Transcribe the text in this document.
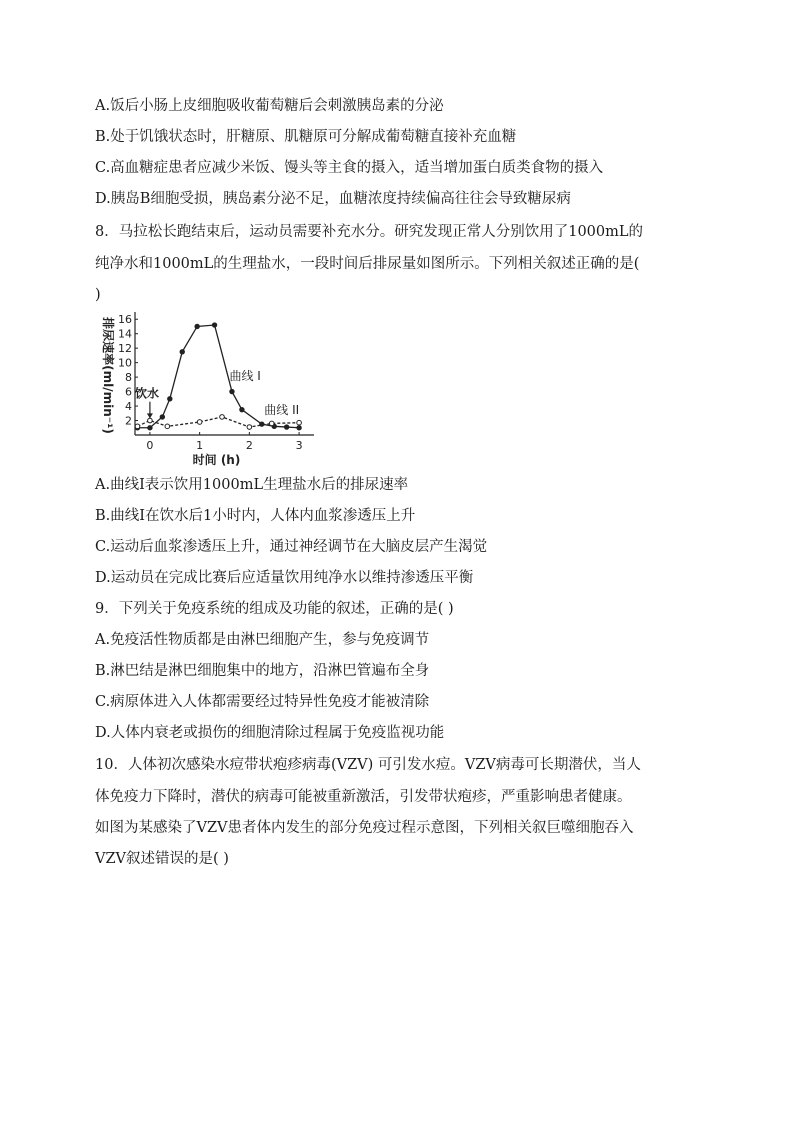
A.饭后小肠上皮细胞吸收葡萄糖后会刺激胰岛素的分泌
B.处于饥饿状态时，肝糖原、肌糖原可分解成葡萄糖直接补充血糖
C.高血糖症患者应减少米饭、馒头等主食的摄入，适当增加蛋白质类食物的摄入
D.胰岛B细胞受损，胰岛素分泌不足，血糖浓度持续偏高往往会导致糖尿病
8．马拉松长跑结束后，运动员需要补充水分。研究发现正常人分别饮用了1000mL的
纯净水和1000mL的生理盐水，一段时间后排尿量如图所示。下列相关叙述正确的是(
)
2
4
6
8
10
12
14
16
0	1	2	3
时间 (h)
排尿速率(ml/min⁻¹)	曲线 I
曲线 II
饮水
A.曲线Ⅰ表示饮用1000mL生理盐水后的排尿速率
B.曲线Ⅰ在饮水后1小时内，人体内血浆渗透压上升
C.运动后血浆渗透压上升，通过神经调节在大脑皮层产生渴觉
D.运动员在完成比赛后应适量饮用纯净水以维持渗透压平衡
9．下列关于免疫系统的组成及功能的叙述，正确的是( )
A.免疫活性物质都是由淋巴细胞产生，参与免疫调节
B.淋巴结是淋巴细胞集中的地方，沿淋巴管遍布全身
C.病原体进入人体都需要经过特异性免疫才能被清除
D.人体内衰老或损伤的细胞清除过程属于免疫监视功能
10．人体初次感染水痘带状疱疹病毒(VZV) 可引发水痘。VZV病毒可长期潜伏，当人
体免疫力下降时，潜伏的病毒可能被重新激活，引发带状疱疹，严重影响患者健康。
如图为某感染了VZV患者体内发生的部分免疫过程示意图，下列相关叙巨噬细胞吞入
VZV叙述错误的是( )
